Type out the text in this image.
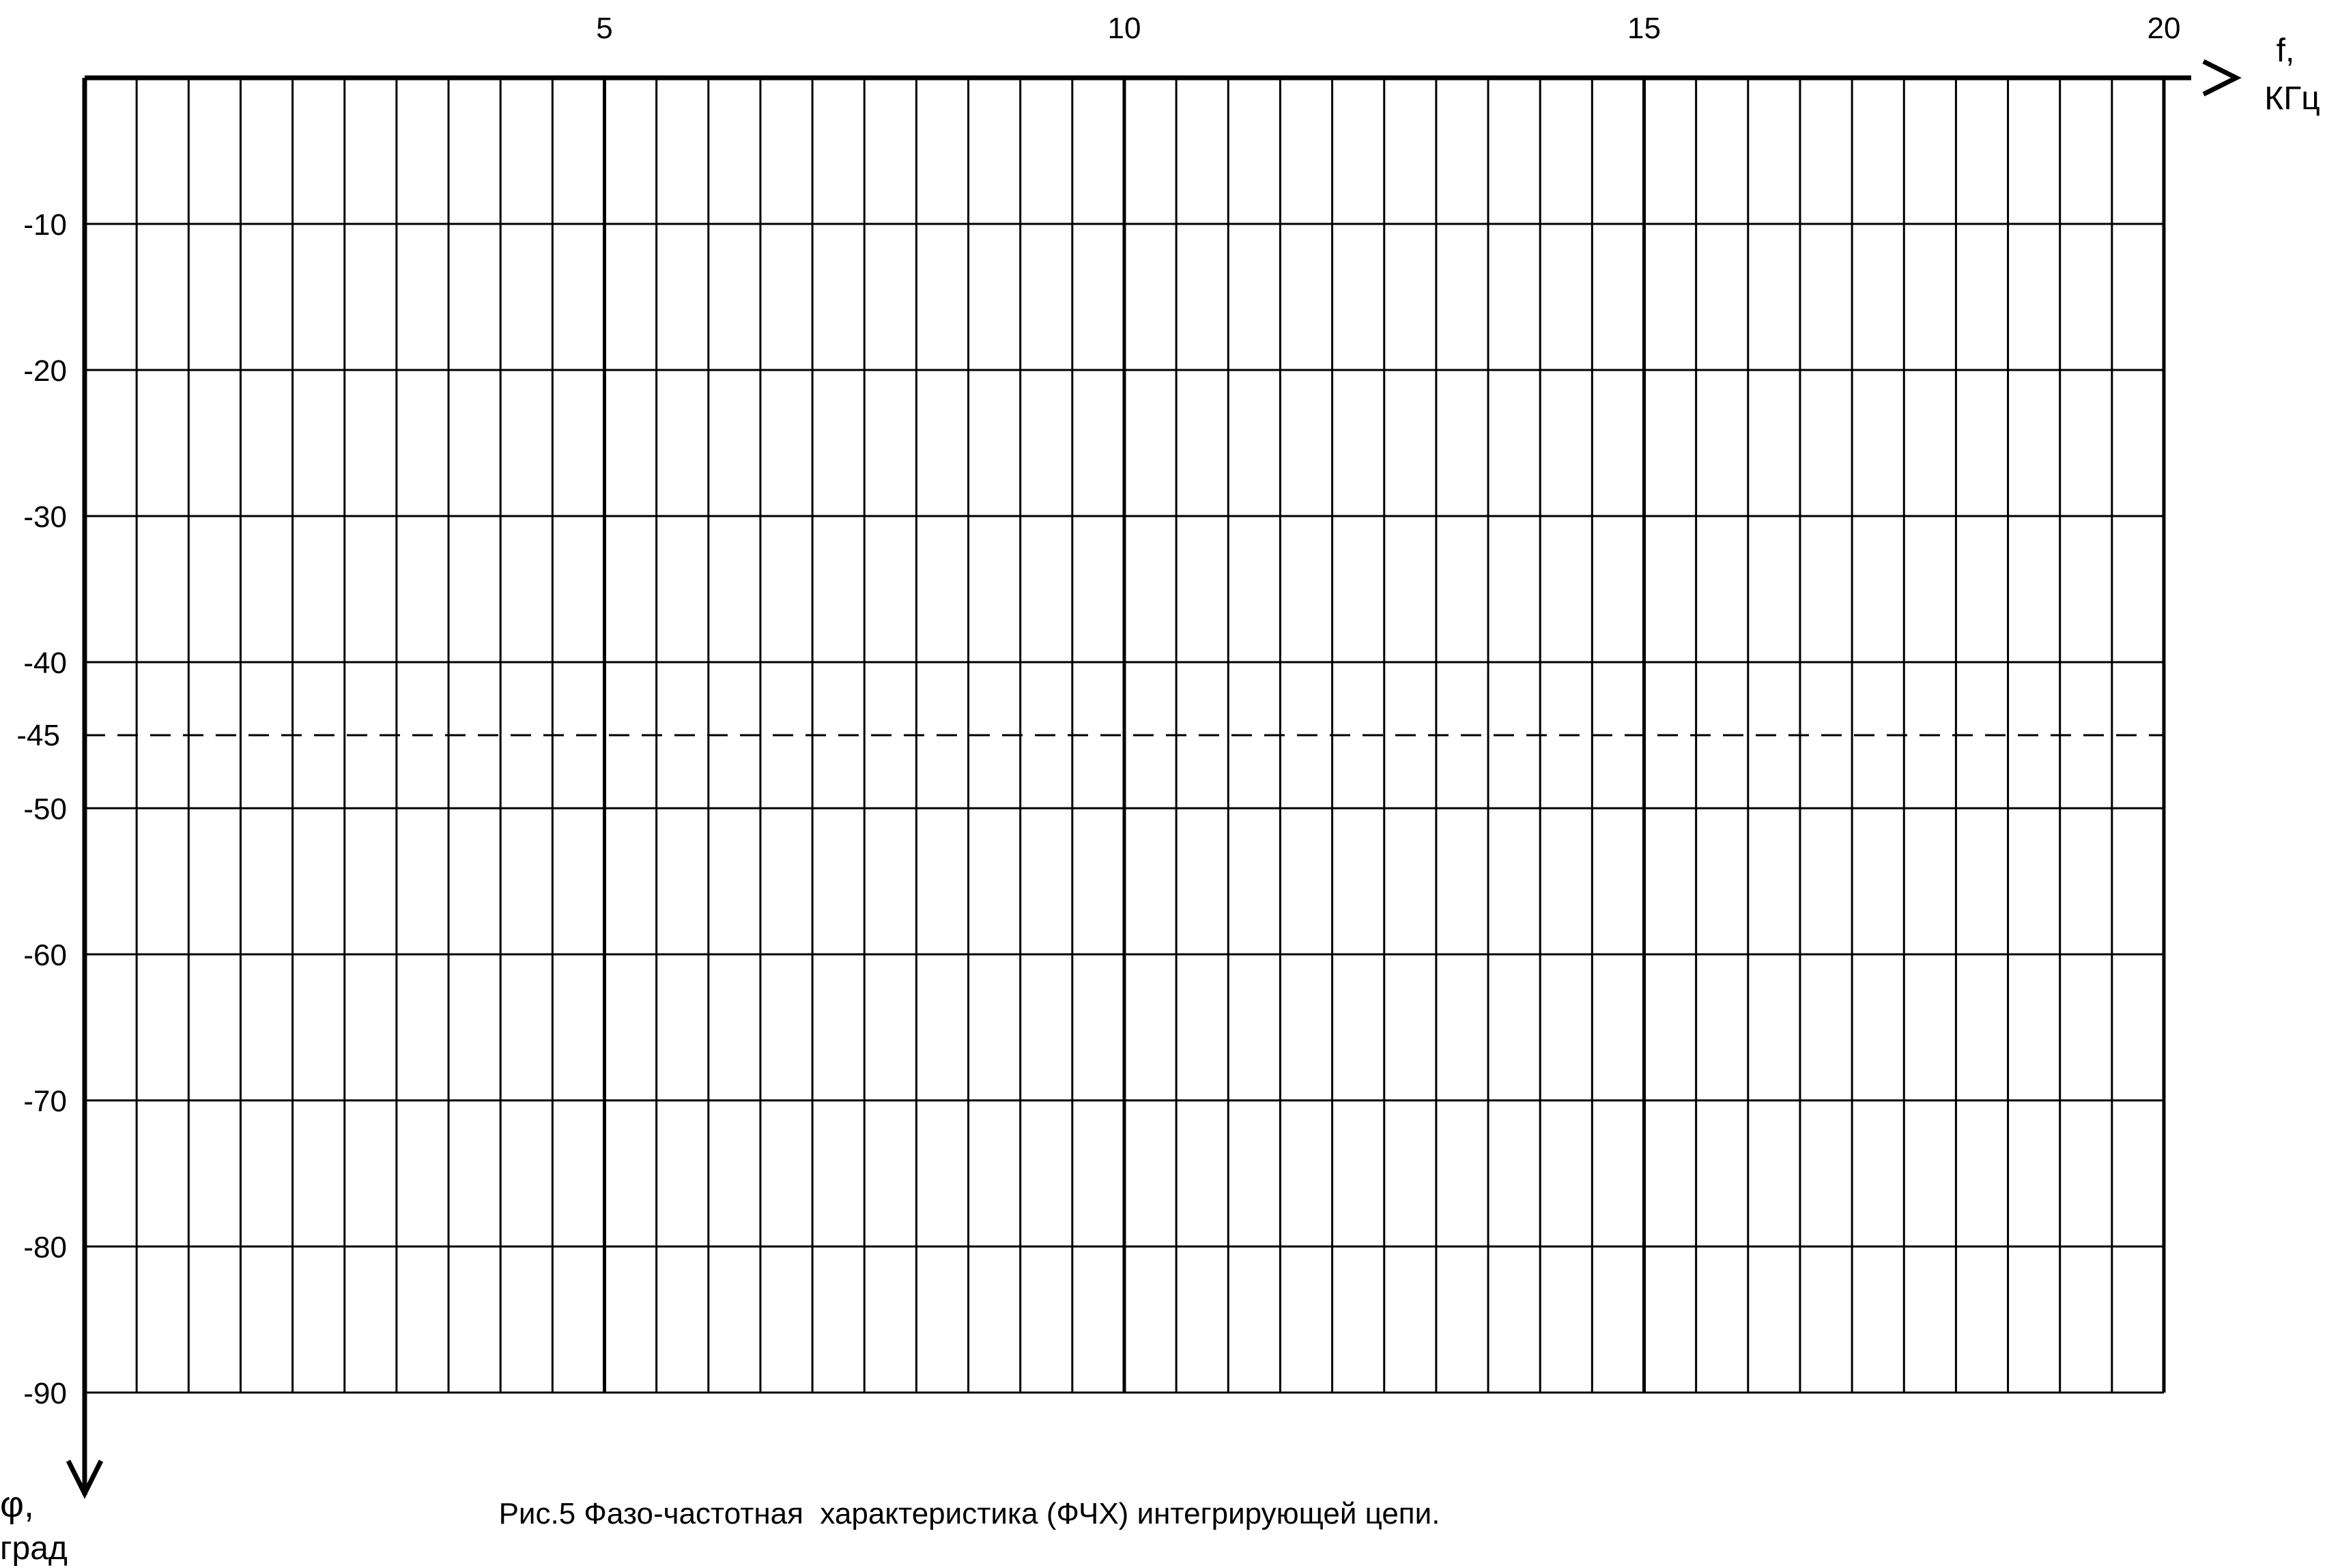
5	10	15	20
-10
-20
-30
-40
-50
-60
-70
-80
-90
-45
f,
КГц
φ,
град
Рис.5 Фазо-частотная  характеристика (ФЧХ) интегрирующей цепи.
